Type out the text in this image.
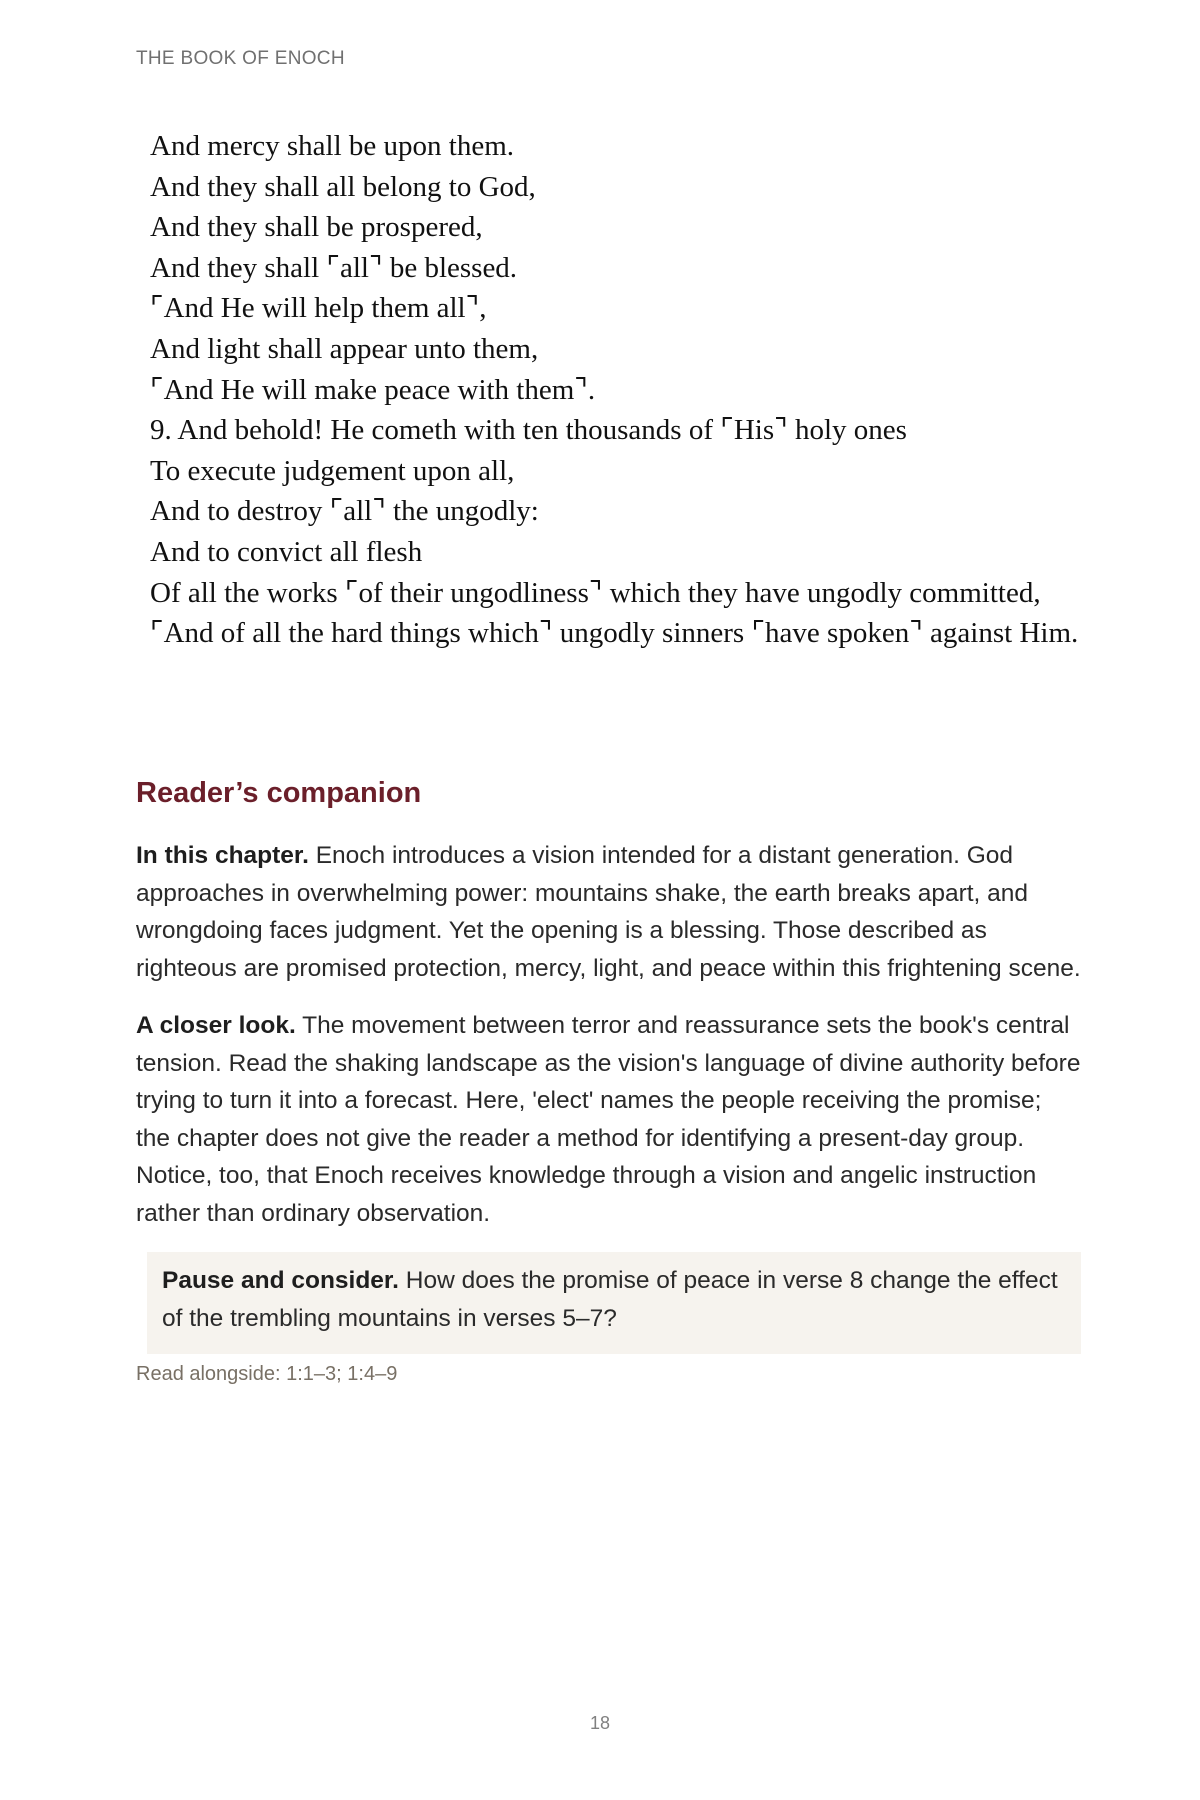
THE BOOK OF ENOCH
And mercy shall be upon them.
And they shall all belong to God,
And they shall be prospered,
And they shall ⌜all⌝ be blessed.
⌜And He will help them all⌝,
And light shall appear unto them,
⌜And He will make peace with them⌝.
9. And behold! He cometh with ten thousands of ⌜His⌝ holy ones
To execute judgement upon all,
And to destroy ⌜all⌝ the ungodly:
And to convict all flesh
Of all the works ⌜of their ungodliness⌝ which they have ungodly committed,
⌜And of all the hard things which⌝ ungodly sinners ⌜have spoken⌝ against Him.
Reader’s companion

In this chapter. Enoch introduces a vision intended for a distant generation. God approaches in overwhelming power: mountains shake, the earth breaks apart, and wrongdoing faces judgment. Yet the opening is a blessing. Those described as righteous are promised protection, mercy, light, and peace within this frightening scene.

A closer look. The movement between terror and reassurance sets the book's central tension. Read the shaking landscape as the vision's language of divine authority before trying to turn it into a forecast. Here, 'elect' names the people receiving the promise; the chapter does not give the reader a method for identifying a present-day group. Notice, too, that Enoch receives knowledge through a vision and angelic instruction rather than ordinary observation.

Pause and consider. How does the promise of peace in verse 8 change the effect of the trembling mountains in verses 5–7?
Read alongside: 1:1–3; 1:4–9
18
